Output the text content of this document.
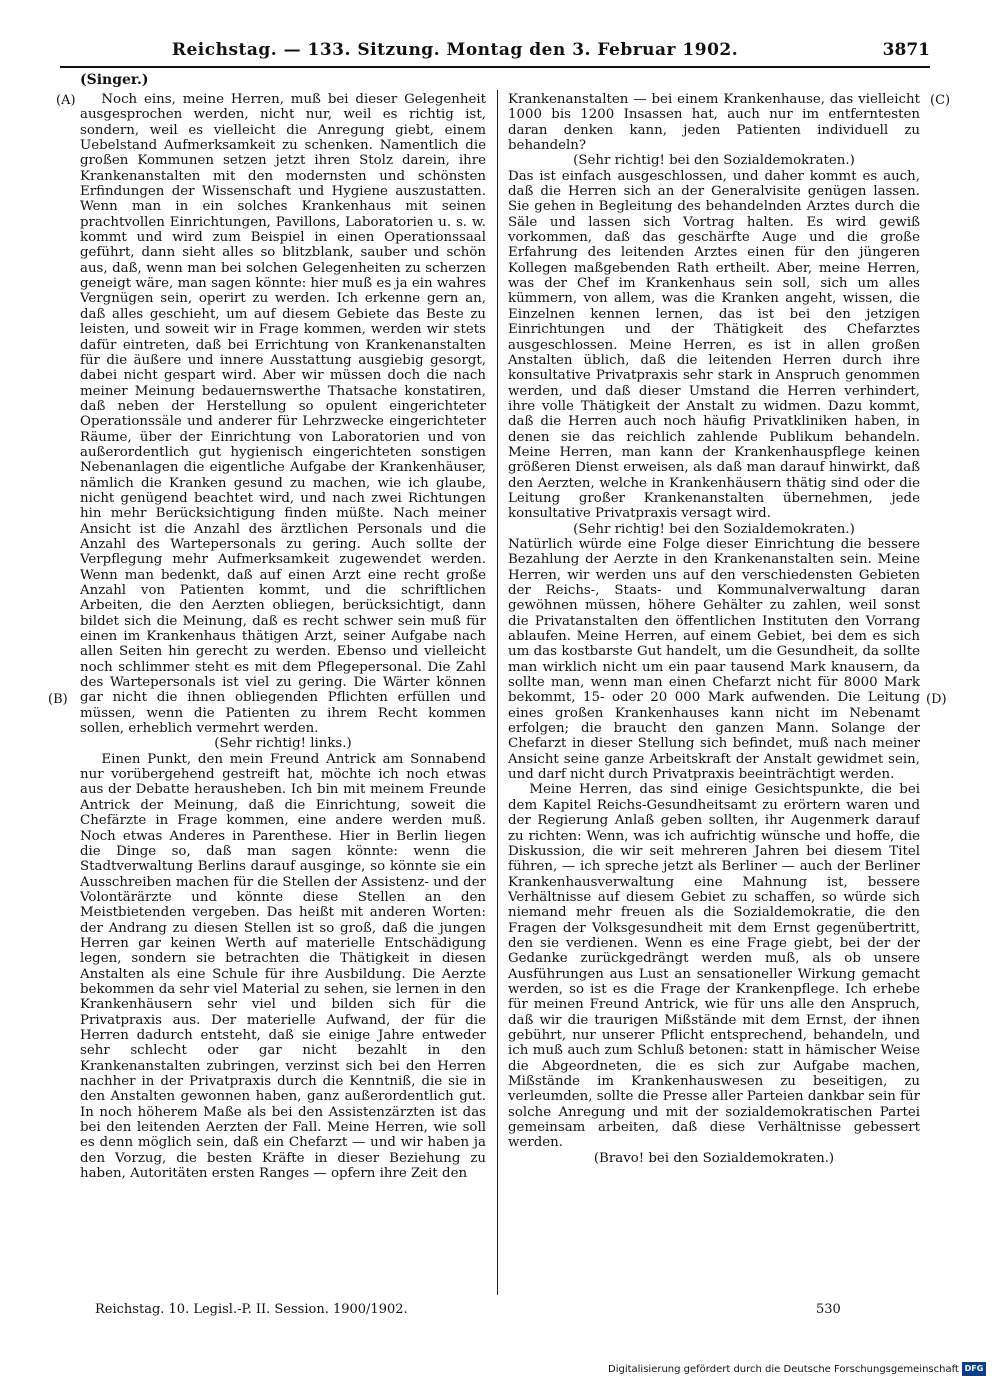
Reichstag. — 133. Sitzung. Montag den 3. Februar 1902.	3871
(Singer.)
(A)
(B)
(C)
(D)

Noch eins, meine Herren, muß bei dieser Gelegenheit ausgesprochen werden, nicht nur, weil es richtig ist, sondern, weil es vielleicht die Anregung giebt, einem Uebelstand Aufmerksamkeit zu schenken. Namentlich die großen Kommunen setzen jetzt ihren Stolz darein, ihre Krankenanstalten mit den modernsten und schönsten Erfindungen der Wissenschaft und Hygiene auszustatten. Wenn man in ein solches Krankenhaus mit seinen prachtvollen Einrichtungen, Pavillons, Laboratorien u. s. w. kommt und wird zum Beispiel in einen Operationssaal geführt, dann sieht alles so blitzblank, sauber und schön aus, daß, wenn man bei solchen Gelegenheiten zu scherzen geneigt wäre, man sagen könnte: hier muß es ja ein wahres Vergnügen sein, operirt zu werden. Ich erkenne gern an, daß alles geschieht, um auf diesem Gebiete das Beste zu leisten, und soweit wir in Frage kommen, werden wir stets dafür eintreten, daß bei Errichtung von Krankenanstalten für die äußere und innere Ausstattung ausgiebig gesorgt, dabei nicht gespart wird. Aber wir müssen doch die nach meiner Meinung bedauernswerthe Thatsache konstatiren, daß neben der Herstellung so opulent eingerichteter Operationssäle und anderer für Lehrzwecke eingerichteter Räume, über der Einrichtung von Laboratorien und von außerordentlich gut hygienisch eingerichteten sonstigen Nebenanlagen die eigentliche Aufgabe der Krankenhäuser, nämlich die Kranken gesund zu machen, wie ich glaube, nicht genügend beachtet wird, und nach zwei Richtungen hin mehr Berücksichtigung finden müßte. Nach meiner Ansicht ist die Anzahl des ärztlichen Personals und die Anzahl des Wartepersonals zu gering. Auch sollte der Verpflegung mehr Aufmerksamkeit zugewendet werden. Wenn man bedenkt, daß auf einen Arzt eine recht große Anzahl von Patienten kommt, und die schriftlichen Arbeiten, die den Aerzten obliegen, berücksichtigt, dann bildet sich die Meinung, daß es recht schwer sein muß für einen im Krankenhaus thätigen Arzt, seiner Aufgabe nach allen Seiten hin gerecht zu werden. Ebenso und vielleicht noch schlimmer steht es mit dem Pflegepersonal. Die Zahl des Wartepersonals ist viel zu gering. Die Wärter können gar nicht die ihnen obliegenden Pflichten erfüllen und müssen, wenn die Patienten zu ihrem Recht kommen sollen, erheblich vermehrt werden.

(Sehr richtig! links.)

Einen Punkt, den mein Freund Antrick am Sonnabend nur vorübergehend gestreift hat, möchte ich noch etwas aus der Debatte herausheben. Ich bin mit meinem Freunde Antrick der Meinung, daß die Einrichtung, soweit die Chefärzte in Frage kommen, eine andere werden muß. Noch etwas Anderes in Parenthese. Hier in Berlin liegen die Dinge so, daß man sagen könnte: wenn die Stadtverwaltung Berlins darauf ausginge, so könnte sie ein Ausschreiben machen für die Stellen der Assistenz- und der Volontärärzte und könnte diese Stellen an den Meistbietenden vergeben. Das heißt mit anderen Worten: der Andrang zu diesen Stellen ist so groß, daß die jungen Herren gar keinen Werth auf materielle Entschädigung legen, sondern sie betrachten die Thätigkeit in diesen Anstalten als eine Schule für ihre Ausbildung. Die Aerzte bekommen da sehr viel Material zu sehen, sie lernen in den Krankenhäusern sehr viel und bilden sich für die Privatpraxis aus. Der materielle Aufwand, der für die Herren dadurch entsteht, daß sie einige Jahre entweder sehr schlecht oder gar nicht bezahlt in den Krankenanstalten zubringen, verzinst sich bei den Herren nachher in der Privatpraxis durch die Kenntniß, die sie in den Anstalten gewonnen haben, ganz außerordentlich gut. In noch höherem Maße als bei den Assistenzärzten ist das bei den leitenden Aerzten der Fall. Meine Herren, wie soll es denn möglich sein, daß ein Chefarzt — und wir haben ja den Vorzug, die besten Kräfte in dieser Beziehung zu haben, Autoritäten ersten Ranges — opfern ihre Zeit den

Krankenanstalten — bei einem Krankenhause, das vielleicht 1000 bis 1200 Insassen hat, auch nur im entferntesten daran denken kann, jeden Patienten individuell zu behandeln?

(Sehr richtig! bei den Sozialdemokraten.)

Das ist einfach ausgeschlossen, und daher kommt es auch, daß die Herren sich an der Generalvisite genügen lassen. Sie gehen in Begleitung des behandelnden Arztes durch die Säle und lassen sich Vortrag halten. Es wird gewiß vorkommen, daß das geschärfte Auge und die große Erfahrung des leitenden Arztes einen für den jüngeren Kollegen maßgebenden Rath ertheilt. Aber, meine Herren, was der Chef im Krankenhaus sein soll, sich um alles kümmern, von allem, was die Kranken angeht, wissen, die Einzelnen kennen lernen, das ist bei den jetzigen Einrichtungen und der Thätigkeit des Chefarztes ausgeschlossen. Meine Herren, es ist in allen großen Anstalten üblich, daß die leitenden Herren durch ihre konsultative Privatpraxis sehr stark in Anspruch genommen werden, und daß dieser Umstand die Herren verhindert, ihre volle Thätigkeit der Anstalt zu widmen. Dazu kommt, daß die Herren auch noch häufig Privatkliniken haben, in denen sie das reichlich zahlende Publikum behandeln. Meine Herren, man kann der Krankenhauspflege keinen größeren Dienst erweisen, als daß man darauf hinwirkt, daß den Aerzten, welche in Krankenhäusern thätig sind oder die Leitung großer Krankenanstalten übernehmen, jede konsultative Privatpraxis versagt wird.

(Sehr richtig! bei den Sozialdemokraten.)

Natürlich würde eine Folge dieser Einrichtung die bessere Bezahlung der Aerzte in den Krankenanstalten sein. Meine Herren, wir werden uns auf den verschiedensten Gebieten der Reichs-, Staats- und Kommunalverwaltung daran gewöhnen müssen, höhere Gehälter zu zahlen, weil sonst die Privatanstalten den öffentlichen Instituten den Vorrang ablaufen. Meine Herren, auf einem Gebiet, bei dem es sich um das kostbarste Gut handelt, um die Gesundheit, da sollte man wirklich nicht um ein paar tausend Mark knausern, da sollte man, wenn man einen Chefarzt nicht für 8000 Mark bekommt, 15- oder 20 000 Mark aufwenden. Die Leitung eines großen Krankenhauses kann nicht im Nebenamt erfolgen; die braucht den ganzen Mann. Solange der Chefarzt in dieser Stellung sich befindet, muß nach meiner Ansicht seine ganze Arbeitskraft der Anstalt gewidmet sein, und darf nicht durch Privatpraxis beeinträchtigt werden.

Meine Herren, das sind einige Gesichtspunkte, die bei dem Kapitel Reichs-Gesundheitsamt zu erörtern waren und der Regierung Anlaß geben sollten, ihr Augenmerk darauf zu richten: Wenn, was ich aufrichtig wünsche und hoffe, die Diskussion, die wir seit mehreren Jahren bei diesem Titel führen, — ich spreche jetzt als Berliner — auch der Berliner Krankenhausverwaltung eine Mahnung ist, bessere Verhältnisse auf diesem Gebiet zu schaffen, so würde sich niemand mehr freuen als die Sozialdemokratie, die den Fragen der Volksgesundheit mit dem Ernst gegenübertritt, den sie verdienen. Wenn es eine Frage giebt, bei der der Gedanke zurückgedrängt werden muß, als ob unsere Ausführungen aus Lust an sensationeller Wirkung gemacht werden, so ist es die Frage der Krankenpflege. Ich erhebe für meinen Freund Antrick, wie für uns alle den Anspruch, daß wir die traurigen Mißstände mit dem Ernst, der ihnen gebührt, nur unserer Pflicht entsprechend, behandeln, und ich muß auch zum Schluß betonen: statt in hämischer Weise die Abgeordneten, die es sich zur Aufgabe machen, Mißstände im Krankenhauswesen zu beseitigen, zu verleumden, sollte die Presse aller Parteien dankbar sein für solche Anregung und mit der sozialdemokratischen Partei gemeinsam arbeiten, daß diese Verhältnisse gebessert werden.

(Bravo! bei den Sozialdemokraten.)

Reichstag. 10. Legisl.-P. II. Session. 1900/1902.	530
Digitalisierung gefördert durch die Deutsche Forschungsgemeinschaft DFG
